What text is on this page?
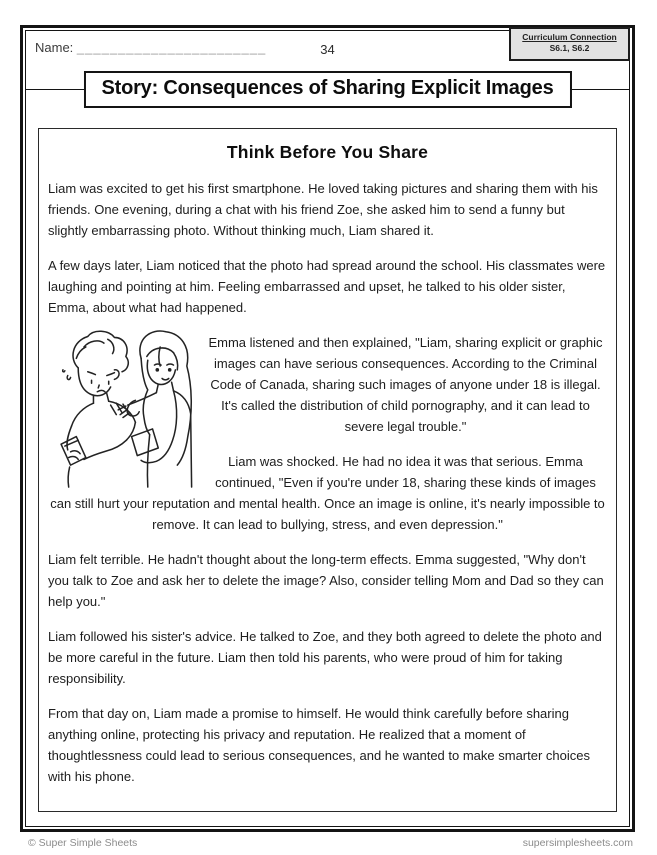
Name: _______________________	34
Curriculum Connection
S6.1, S6.2
Story: Consequences of Sharing Explicit Images
Think Before You Share

Liam was excited to get his first smartphone. He loved taking pictures and sharing them with his friends. One evening, during a chat with his friend Zoe, she asked him to send a funny but slightly embarrassing photo. Without thinking much, Liam shared it.

A few days later, Liam noticed that the photo had spread around the school. His classmates were laughing and pointing at him. Feeling embarrassed and upset, he talked to his older sister, Emma, about what had happened.

Emma listened and then explained, "Liam, sharing explicit or graphic images can have serious consequences. According to the Criminal Code of Canada, sharing such images of anyone under 18 is illegal. It's called the distribution of child pornography, and it can lead to severe legal trouble."

Liam was shocked. He had no idea it was that serious. Emma continued, "Even if you're under 18, sharing these kinds of images can still hurt your reputation and mental health. Once an image is online, it's nearly impossible to remove. It can lead to bullying, stress, and even depression."

Liam felt terrible. He hadn't thought about the long-term effects. Emma suggested, "Why don't you talk to Zoe and ask her to delete the image? Also, consider telling Mom and Dad so they can help you."

Liam followed his sister's advice. He talked to Zoe, and they both agreed to delete the photo and be more careful in the future. Liam then told his parents, who were proud of him for taking responsibility.

From that day on, Liam made a promise to himself. He would think carefully before sharing anything online, protecting his privacy and reputation. He realized that a moment of thoughtlessness could lead to serious consequences, and he wanted to make smarter choices with his phone.

© Super Simple Sheets	supersimplesheets.com
